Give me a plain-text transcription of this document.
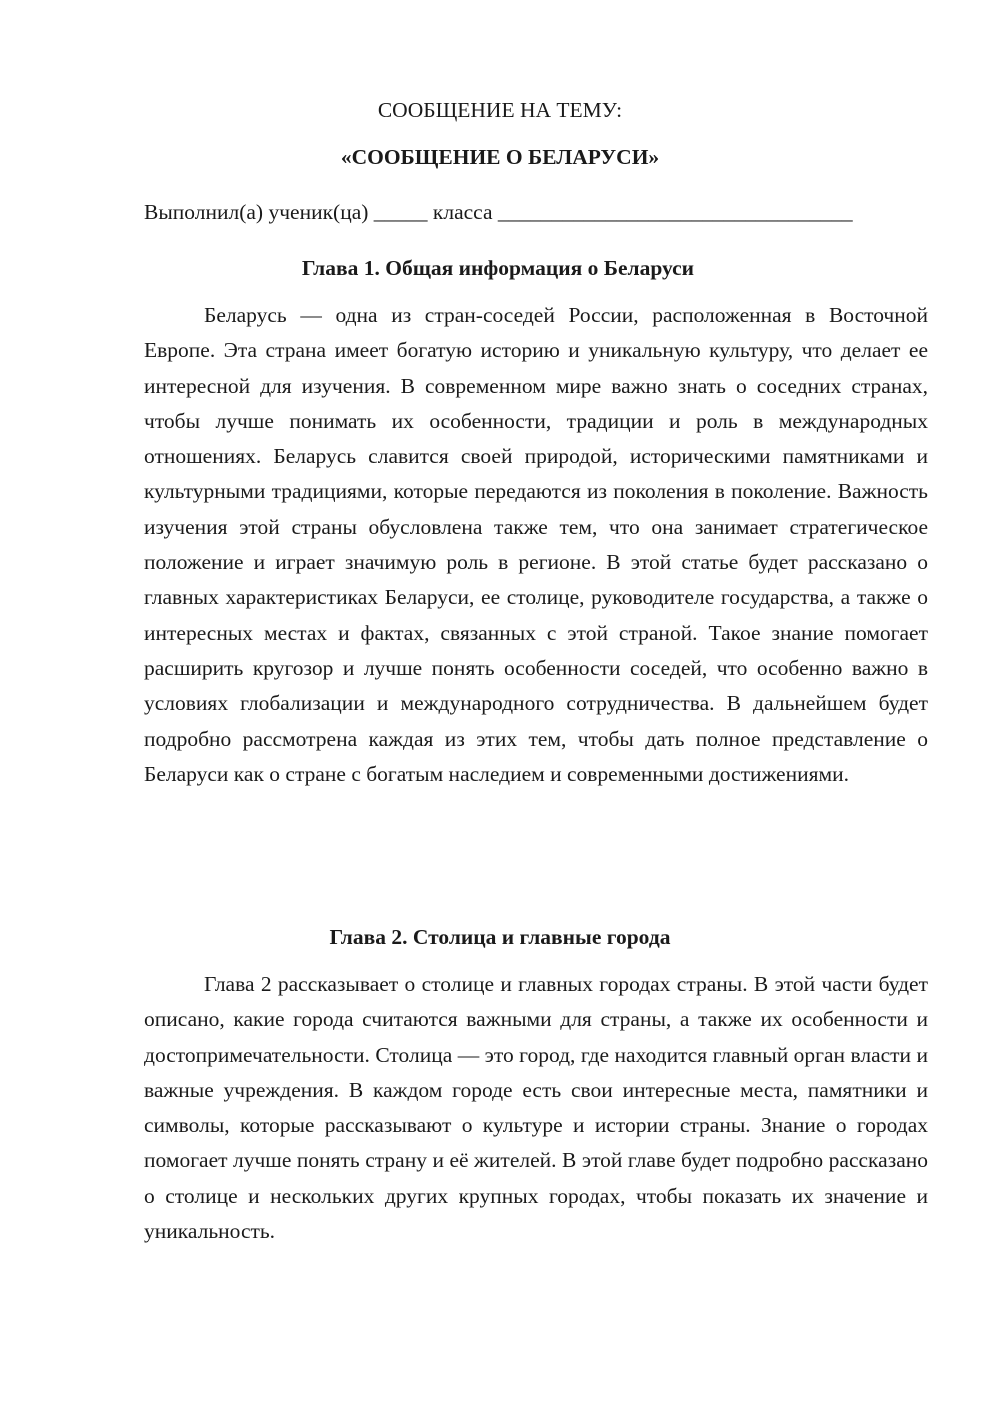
СООБЩЕНИЕ НА ТЕМУ:

«СООБЩЕНИЕ О БЕЛАРУСИ»

Выполнил(а) ученик(ца) _____ класса _________________________________

Глава 1. Общая информация о Беларуси

Беларусь — одна из стран-соседей России, расположенная в Восточной Европе. Эта страна имеет богатую историю и уникальную культуру, что делает ее интересной для изучения. В современном мире важно знать о соседних странах, чтобы лучше понимать их особенности, традиции и роль в международных отношениях. Беларусь славится своей природой, историческими памятниками и культурными традициями, которые передаются из поколения в поколение. Важность изучения этой страны обусловлена также тем, что она занимает стратегическое положение и играет значимую роль в регионе. В этой статье будет рассказано о главных характеристиках Беларуси, ее столице, руководителе государства, а также о интересных местах и фактах, связанных с этой страной. Такое знание помогает расширить кругозор и лучше понять особенности соседей, что особенно важно в условиях глобализации и международного сотрудничества. В дальнейшем будет подробно рассмотрена каждая из этих тем, чтобы дать полное представление о Беларуси как о стране с богатым наследием и современными достижениями.

Глава 2. Столица и главные города

Глава 2 рассказывает о столице и главных городах страны. В этой части будет описано, какие города считаются важными для страны, а также их особенности и достопримечательности. Столица — это город, где находится главный орган власти и важные учреждения. В каждом городе есть свои интересные места, памятники и символы, которые рассказывают о культуре и истории страны. Знание о городах помогает лучше понять страну и её жителей. В этой главе будет подробно рассказано о столице и нескольких других крупных городах, чтобы показать их значение и уникальность.
